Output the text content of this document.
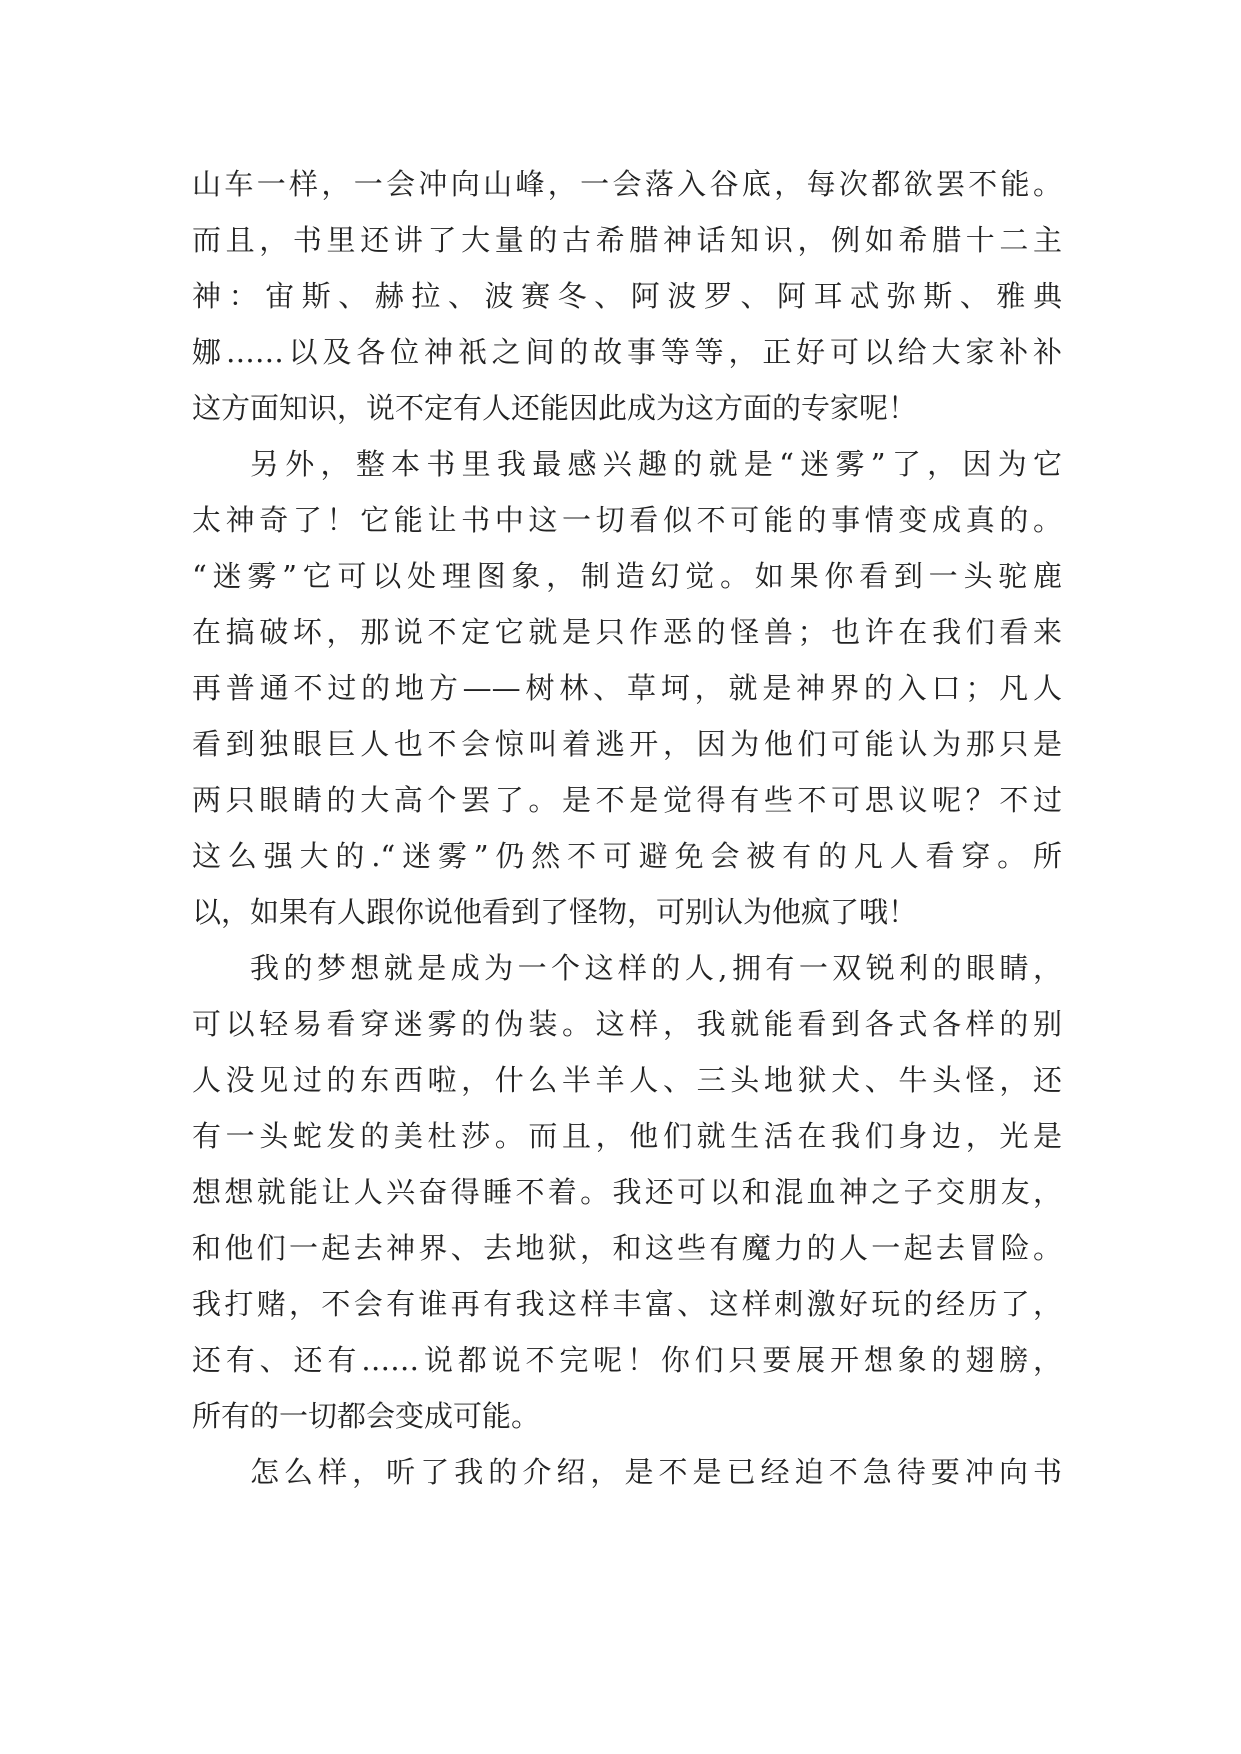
山车一样，一会冲向山峰，一会落入谷底，每次都欲罢不能。
而且，书里还讲了大量的古希腊神话知识，例如希腊十二主
神：宙斯、赫拉、波赛冬、阿波罗、阿耳忒弥斯、雅典
娜……以及各位神祇之间的故事等等，正好可以给大家补补
这方面知识，说不定有人还能因此成为这方面的专家呢！
另外，整本书里我最感兴趣的就是“迷雾”了，因为它
太神奇了！它能让书中这一切看似不可能的事情变成真的。
“迷雾”它可以处理图象，制造幻觉。如果你看到一头驼鹿
在搞破坏，那说不定它就是只作恶的怪兽；也许在我们看来
再普通不过的地方——树林、草坷，就是神界的入口；凡人
看到独眼巨人也不会惊叫着逃开，因为他们可能认为那只是
两只眼睛的大高个罢了。是不是觉得有些不可思议呢？不过
这么强大的.“迷雾”仍然不可避免会被有的凡人看穿。所
以，如果有人跟你说他看到了怪物，可别认为他疯了哦！
我的梦想就是成为一个这样的人,拥有一双锐利的眼睛，
可以轻易看穿迷雾的伪装。这样，我就能看到各式各样的别
人没见过的东西啦，什么半羊人、三头地狱犬、牛头怪，还
有一头蛇发的美杜莎。而且，他们就生活在我们身边，光是
想想就能让人兴奋得睡不着。我还可以和混血神之子交朋友，
和他们一起去神界、去地狱，和这些有魔力的人一起去冒险。
我打赌，不会有谁再有我这样丰富、这样刺激好玩的经历了，
还有、还有……说都说不完呢！你们只要展开想象的翅膀，
所有的一切都会变成可能。
怎么样，听了我的介绍，是不是已经迫不急待要冲向书
